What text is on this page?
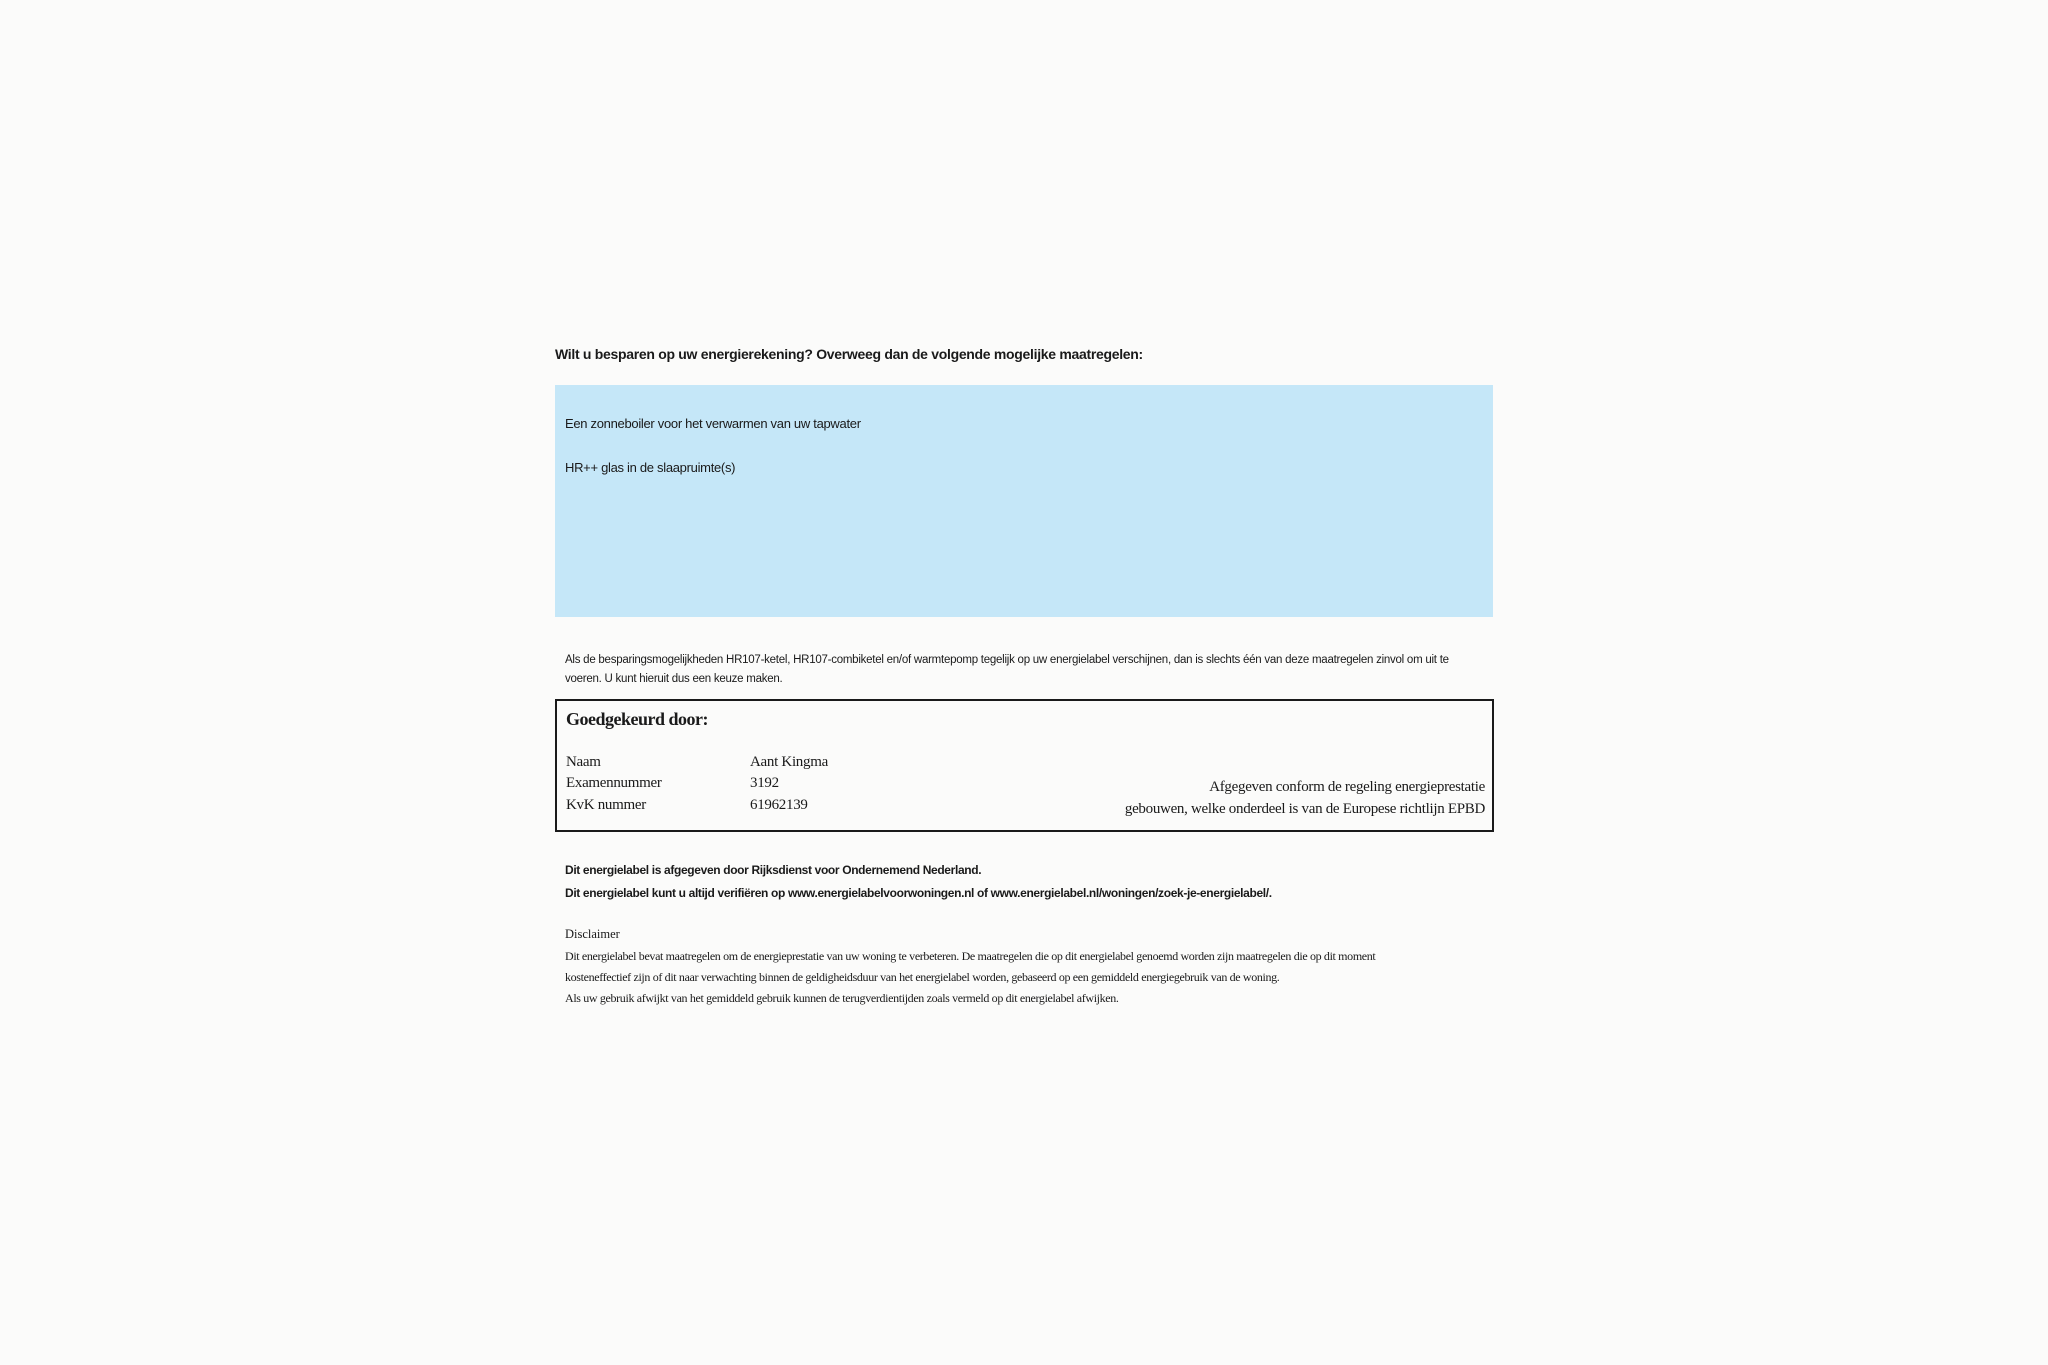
Wilt u besparen op uw energierekening? Overweeg dan de volgende mogelijke maatregelen:
Een zonneboiler voor het verwarmen van uw tapwater
HR++ glas in de slaapruimte(s)
Als de besparingsmogelijkheden HR107-ketel, HR107-combiketel en/of warmtepomp tegelijk op uw energielabel verschijnen, dan is slechts één van deze maatregelen zinvol om uit te voeren. U kunt hieruit dus een keuze maken.
Goedgekeurd door:
Naam	Aant Kingma
Examennummer	3192
KvK nummer	61962139
Afgegeven conform de regeling energieprestatie
gebouwen, welke onderdeel is van de Europese richtlijn EPBD
Dit energielabel is afgegeven door Rijksdienst voor Ondernemend Nederland.
Dit energielabel kunt u altijd verifiëren op www.energielabelvoorwoningen.nl of www.energielabel.nl/woningen/zoek-je-energielabel/.
Disclaimer
Dit energielabel bevat maatregelen om de energieprestatie van uw woning te verbeteren. De maatregelen die op dit energielabel genoemd worden zijn maatregelen die op dit moment
kosteneffectief zijn of dit naar verwachting binnen de geldigheidsduur van het energielabel worden, gebaseerd op een gemiddeld energiegebruik van de woning.
Als uw gebruik afwijkt van het gemiddeld gebruik kunnen de terugverdientijden zoals vermeld op dit energielabel afwijken.
